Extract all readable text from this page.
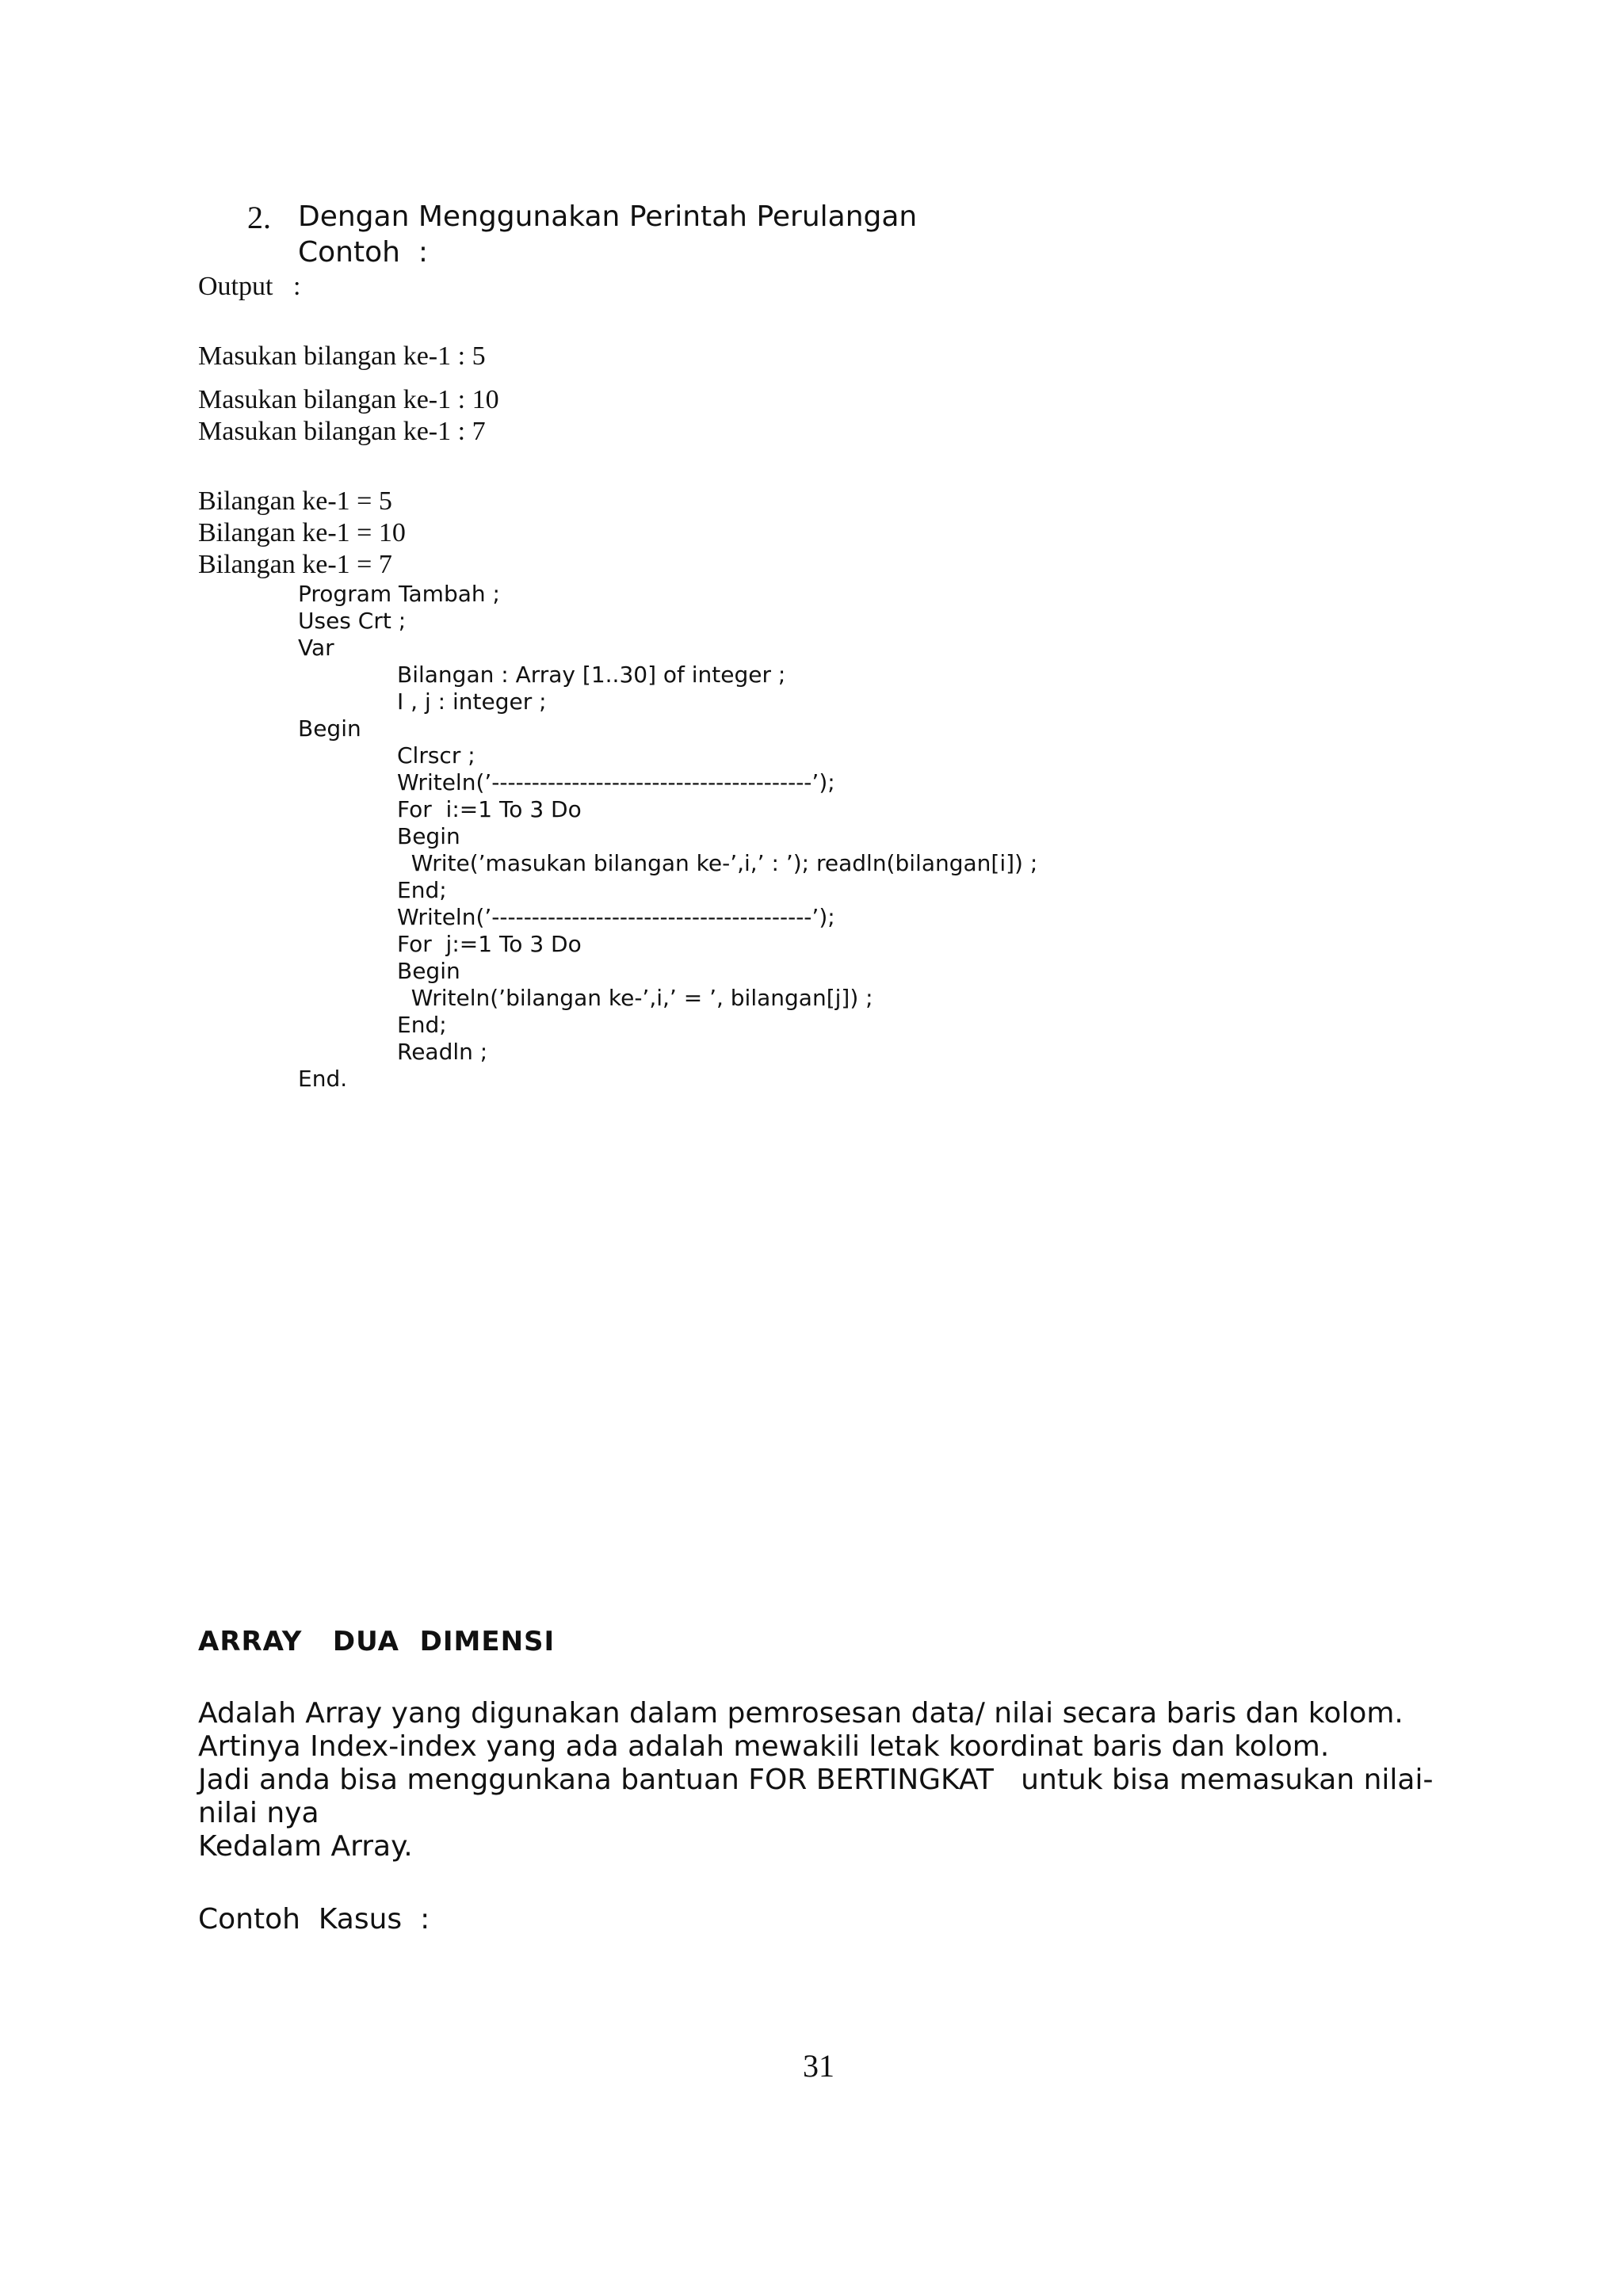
2. Dengan Menggunakan Perintah Perulangan
Contoh  :
Output   :
Masukan bilangan ke-1 : 5
Masukan bilangan ke-1 : 10
Masukan bilangan ke-1 : 7
Bilangan ke-1 = 5
Bilangan ke-1 = 10
Bilangan ke-1 = 7
Program Tambah ;
Uses Crt ;
Var
Bilangan : Array [1..30] of integer ;
I , j : integer ;
Begin
Clrscr ;
Writeln(’----------------------------------------’);
For  i:=1 To 3 Do
Begin
Write(’masukan bilangan ke-’,i,’ : ’); readln(bilangan[i]) ;
End;
Writeln(’----------------------------------------’);
For  j:=1 To 3 Do
Begin
Writeln(’bilangan ke-’,i,’ = ’, bilangan[j]) ;
End;
Readln ;
End.
ARRAY   DUA  DIMENSI
Adalah Array yang digunakan dalam pemrosesan data/ nilai secara baris dan kolom.
Artinya Index-index yang ada adalah mewakili letak koordinat baris dan kolom.
Jadi anda bisa menggunkana bantuan FOR BERTINGKAT   untuk bisa memasukan nilai-
nilai nya
Kedalam Array.
Contoh  Kasus  :
31
